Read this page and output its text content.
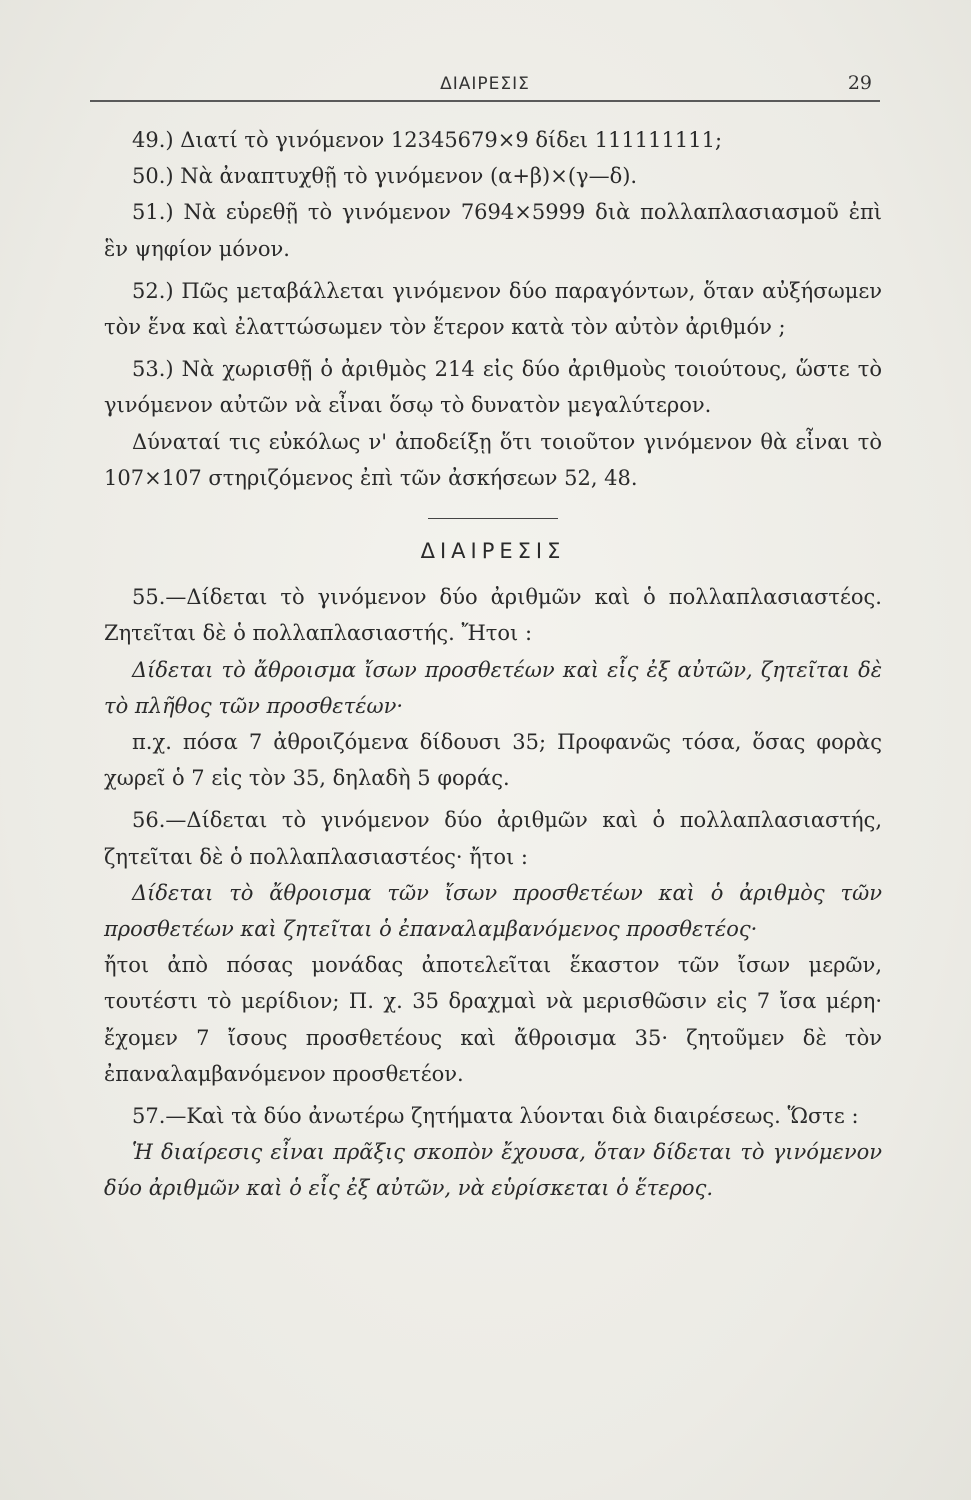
ΔΙΑΙΡΕΣΙΣ	29

49.) Διατί τὸ γινόμενον 12345679×9 δίδει 111111111;

50.) Νὰ ἀναπτυχθῇ τὸ γινόμενον (α+β)×(γ—δ).

51.) Νὰ εὑρεθῇ τὸ γινόμενον 7694×5999 διὰ πολλαπλασιασμοῦ ἐπὶ ἓν ψηφίον μόνον.

52.) Πῶς μεταβάλλεται γινόμενον δύο παραγόντων, ὅταν αὐξήσωμεν τὸν ἕνα καὶ ἐλαττώσωμεν τὸν ἕτερον κατὰ τὸν αὐτὸν ἀριθμόν ;

53.) Νὰ χωρισθῇ ὁ ἀριθμὸς 214 εἰς δύο ἀριθμοὺς τοιούτους, ὥστε τὸ γινόμενον αὐτῶν νὰ εἶναι ὅσῳ τὸ δυνατὸν μεγαλύτερον.

Δύναταί τις εὐκόλως ν' ἀποδείξῃ ὅτι τοιοῦτον γινόμενον θὰ εἶναι τὸ 107×107 στηριζόμενος ἐπὶ τῶν ἀσκήσεων 52, 48.

ΔΙΑΙΡΕΣΙΣ

55.—Δίδεται τὸ γινόμενον δύο ἀριθμῶν καὶ ὁ πολλαπλασιαστέος. Ζητεῖται δὲ ὁ πολλαπλασιαστής. Ἤτοι :

Δίδεται τὸ ἄθροισμα ἴσων προσθετέων καὶ εἷς ἐξ αὐτῶν, ζητεῖται δὲ τὸ πλῆθος τῶν προσθετέων·

π.χ. πόσα 7 ἀθροιζόμενα δίδουσι 35; Προφανῶς τόσα, ὅσας φορὰς χωρεῖ ὁ 7 εἰς τὸν 35, δηλαδὴ 5 φοράς.

56.—Δίδεται τὸ γινόμενον δύο ἀριθμῶν καὶ ὁ πολλαπλασιαστής, ζητεῖται δὲ ὁ πολλαπλασιαστέος· ἤτοι :

Δίδεται τὸ ἄθροισμα τῶν ἴσων προσθετέων καὶ ὁ ἀριθμὸς τῶν προσθετέων καὶ ζητεῖται ὁ ἐπαναλαμβανόμενος προσθετέος·

ἤτοι ἀπὸ πόσας μονάδας ἀποτελεῖται ἕκαστον τῶν ἴσων μερῶν, τουτέστι τὸ μερίδιον; Π. χ. 35 δραχμαὶ νὰ μερισθῶσιν εἰς 7 ἴσα μέρη· ἔχομεν 7 ἴσους προσθετέους καὶ ἄθροισμα 35· ζητοῦμεν δὲ τὸν ἐπαναλαμβανόμενον προσθετέον.

57.—Καὶ τὰ δύο ἀνωτέρω ζητήματα λύονται διὰ διαιρέσεως. Ὥστε :

Ἡ διαίρεσις εἶναι πρᾶξις σκοπὸν ἔχουσα, ὅταν δίδεται τὸ γινόμενον δύο ἀριθμῶν καὶ ὁ εἷς ἐξ αὐτῶν, νὰ εὑρίσκεται ὁ ἕτερος.
